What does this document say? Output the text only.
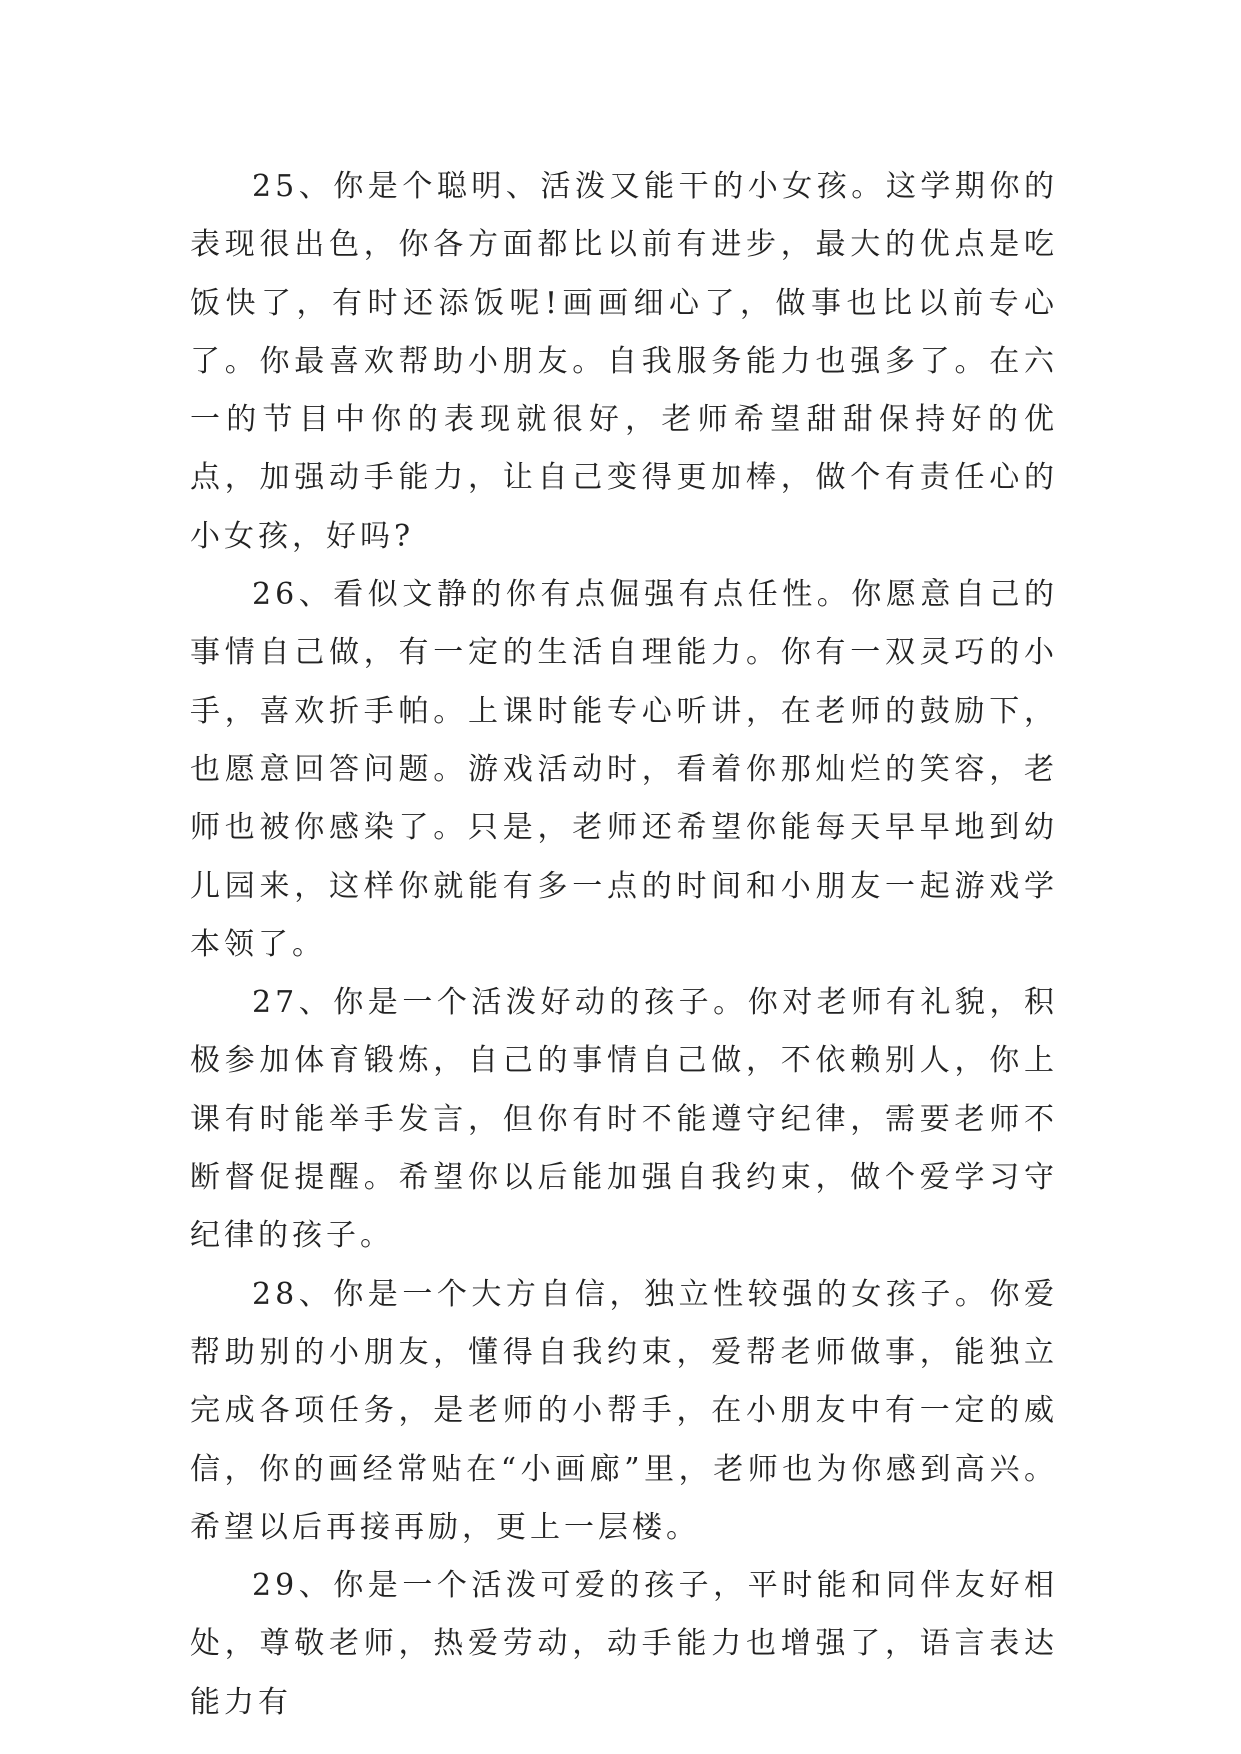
25、你是个聪明、活泼又能干的小女孩。这学期你的表现很出色，你各方面都比以前有进步，最大的优点是吃饭快了，有时还添饭呢!画画细心了，做事也比以前专心了。你最喜欢帮助小朋友。自我服务能力也强多了。在六一的节目中你的表现就很好，老师希望甜甜保持好的优点，加强动手能力，让自己变得更加棒，做个有责任心的小女孩，好吗?

26、看似文静的你有点倔强有点任性。你愿意自己的事情自己做，有一定的生活自理能力。你有一双灵巧的小手，喜欢折手帕。上课时能专心听讲，在老师的鼓励下，也愿意回答问题。游戏活动时，看着你那灿烂的笑容，老师也被你感染了。只是，老师还希望你能每天早早地到幼儿园来，这样你就能有多一点的时间和小朋友一起游戏学本领了。

27、你是一个活泼好动的孩子。你对老师有礼貌，积极参加体育锻炼，自己的事情自己做，不依赖别人，你上课有时能举手发言，但你有时不能遵守纪律，需要老师不断督促提醒。希望你以后能加强自我约束，做个爱学习守纪律的孩子。

28、你是一个大方自信，独立性较强的女孩子。你爱帮助别的小朋友，懂得自我约束，爱帮老师做事，能独立完成各项任务，是老师的小帮手，在小朋友中有一定的威信，你的画经常贴在“小画廊”里，老师也为你感到高兴。希望以后再接再励，更上一层楼。

29、你是一个活泼可爱的孩子，平时能和同伴友好相处，尊敬老师，热爱劳动，动手能力也增强了，语言表达能力有
